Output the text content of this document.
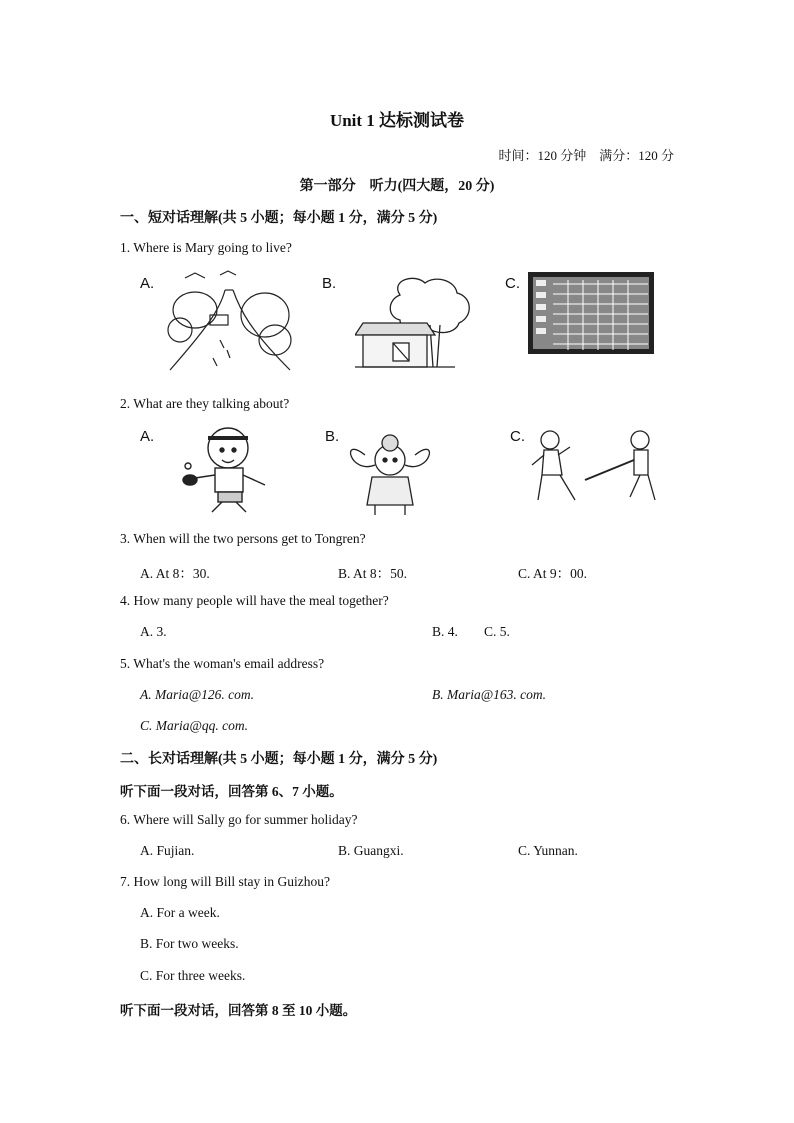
Unit 1 达标测试卷
时间：120 分钟　满分：120 分
第一部分　听力(四大题，20 分)
一、短对话理解(共 5 小题；每小题 1 分，满分 5 分)
1. Where is Mary going to live?
A.	B.	C.
2. What are they talking about?
A.	B.	C.
3. When will the two persons get to Tongren?
A. At 8：30.	B. At 8：50.	C. At 9：00.
4. How many people will have the meal together?
A. 3.	B. 4. C. 5.
5. What's the woman's email address?
A. Maria@126. com.	B. Maria@163. com.
C. Maria@qq. com.
二、长对话理解(共 5 小题；每小题 1 分，满分 5 分)
听下面一段对话，回答第 6、7 小题。
6. Where will Sally go for summer holiday?
A. Fujian.	B. Guangxi.	C. Yunnan.
7. How long will Bill stay in Guizhou?
A. For a week.
B. For two weeks.
C. For three weeks.
听下面一段对话，回答第 8 至 10 小题。
